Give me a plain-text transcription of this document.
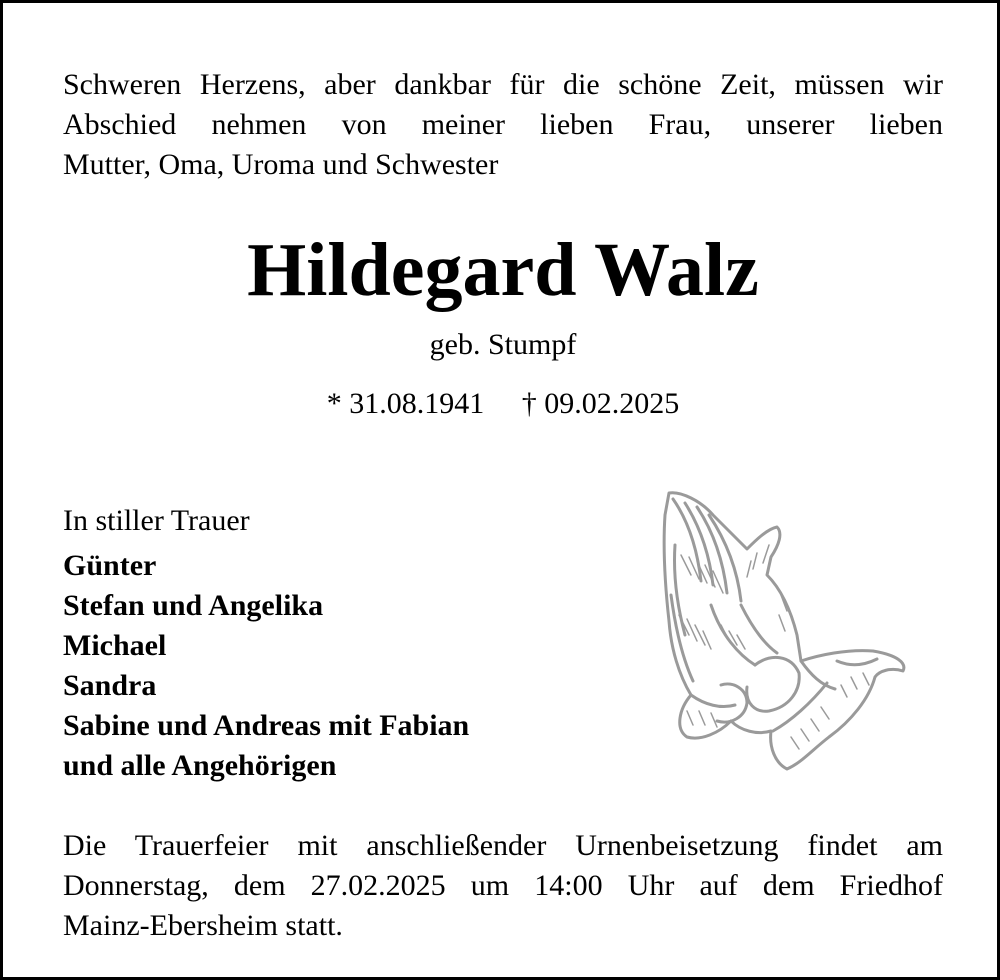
Schweren Herzens, aber dankbar für die schöne Zeit, müssen wir
Abschied nehmen von meiner lieben Frau, unserer lieben
Mutter, Oma, Uroma und Schwester

Hildegard Walz
geb. Stumpf
* 31.08.1941     † 09.02.2025
In stiller Trauer
Günter
Stefan und Angelika
Michael
Sandra
Sabine und Andreas mit Fabian
und alle Angehörigen

Die Trauerfeier mit anschließender Urnenbeisetzung findet am
Donnerstag, dem 27.02.2025 um 14:00 Uhr auf dem Friedhof
Mainz-Ebersheim statt.
